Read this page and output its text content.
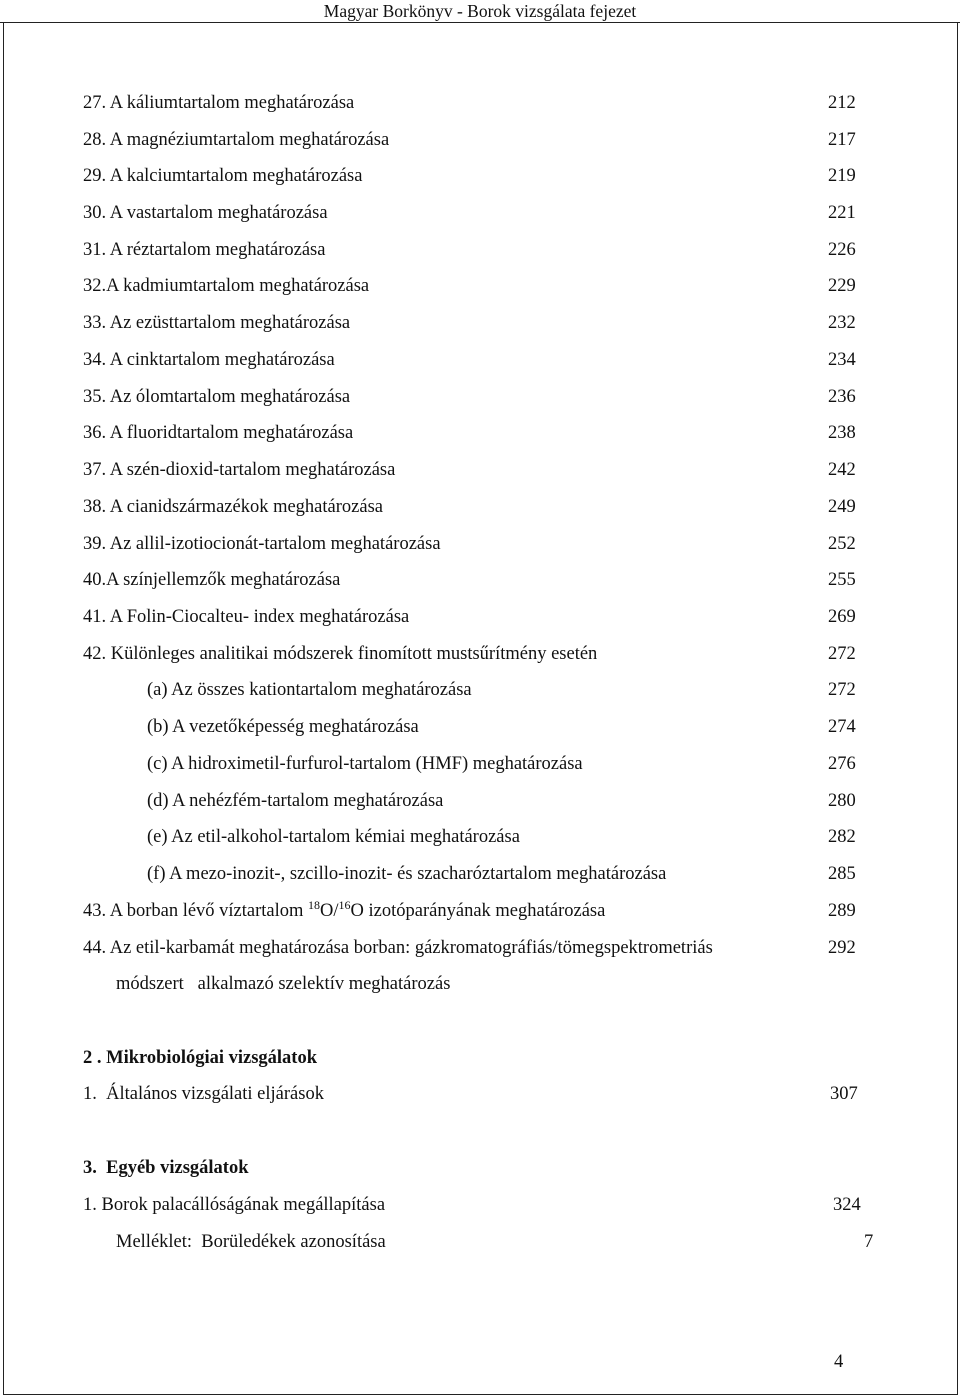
Magyar Borkönyv - Borok vizsgálata fejezet
27. A káliumtartalom meghatározása	212
28. A magnéziumtartalom meghatározása	217
29. A kalciumtartalom meghatározása	219
30. A vastartalom meghatározása	221
31. A réztartalom meghatározása	226
32.A kadmiumtartalom meghatározása	229
33. Az ezüsttartalom meghatározása	232
34. A cinktartalom meghatározása	234
35. Az ólomtartalom meghatározása	236
36. A fluoridtartalom meghatározása	238
37. A szén-dioxid-tartalom meghatározása	242
38. A cianidszármazékok meghatározása	249
39. Az allil-izotiocionát-tartalom meghatározása	252
40.A színjellemzők meghatározása	255
41. A Folin-Ciocalteu- index meghatározása	269
42. Különleges analitikai módszerek finomított mustsűrítmény esetén	272
(a) Az összes kationtartalom meghatározása	272
(b) A vezetőképesség meghatározása	274
(c) A hidroximetil-furfurol-tartalom (HMF) meghatározása	276
(d) A nehézfém-tartalom meghatározása	280
(e) Az etil-alkohol-tartalom kémiai meghatározása	282
(f) A mezo-inozit-, szcillo-inozit- és szacharóztartalom meghatározása	285
43. A borban lévő víztartalom $^{18}$O/$^{16}$O izotóparányának meghatározása	289
44. Az etil-karbamát meghatározása borban: gázkromatográfiás/tömegspektrometriás	292
módszert   alkalmazó szelektív meghatározás
2 . Mikrobiológiai vizsgálatok
1.  Általános vizsgálati eljárások	307
3.  Egyéb vizsgálatok
1. Borok palacállóságának megállapítása	324
Melléklet:  Borüledékek azonosítása	7
4
